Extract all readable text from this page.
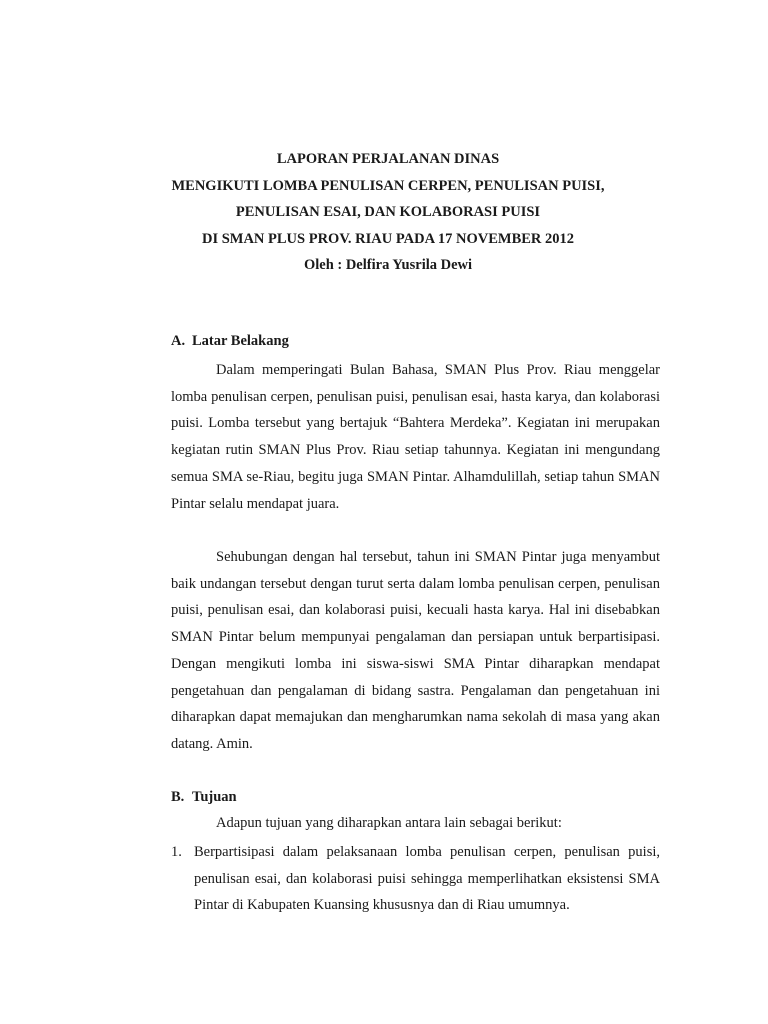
LAPORAN PERJALANAN DINAS
MENGIKUTI LOMBA PENULISAN CERPEN, PENULISAN PUISI,
PENULISAN ESAI, DAN KOLABORASI PUISI
DI SMAN PLUS PROV. RIAU PADA 17 NOVEMBER 2012
Oleh : Delfira Yusrila Dewi
A. Latar Belakang

Dalam memperingati Bulan Bahasa, SMAN Plus Prov. Riau menggelar lomba penulisan cerpen, penulisan puisi, penulisan esai, hasta karya, dan kolaborasi puisi. Lomba tersebut yang bertajuk “Bahtera Merdeka”. Kegiatan ini merupakan kegiatan rutin SMAN Plus Prov. Riau setiap tahunnya. Kegiatan ini mengundang semua SMA se-Riau, begitu juga SMAN Pintar. Alhamdulillah, setiap tahun SMAN Pintar selalu mendapat juara.

Sehubungan dengan hal tersebut, tahun ini SMAN Pintar juga menyambut baik undangan tersebut dengan turut serta dalam lomba penulisan cerpen, penulisan puisi, penulisan esai, dan kolaborasi puisi, kecuali hasta karya. Hal ini disebabkan SMAN Pintar belum mempunyai pengalaman dan persiapan untuk berpartisipasi. Dengan mengikuti lomba ini siswa-siswi SMA Pintar diharapkan mendapat pengetahuan dan pengalaman di bidang sastra. Pengalaman dan pengetahuan ini diharapkan dapat memajukan dan mengharumkan nama sekolah di masa yang akan datang. Amin.

B. Tujuan
Adapun tujuan yang diharapkan antara lain sebagai berikut:
1. Berpartisipasi dalam pelaksanaan lomba penulisan cerpen, penulisan puisi, penulisan esai, dan kolaborasi puisi sehingga memperlihatkan eksistensi SMA Pintar di Kabupaten Kuansing khususnya dan di Riau umumnya.
